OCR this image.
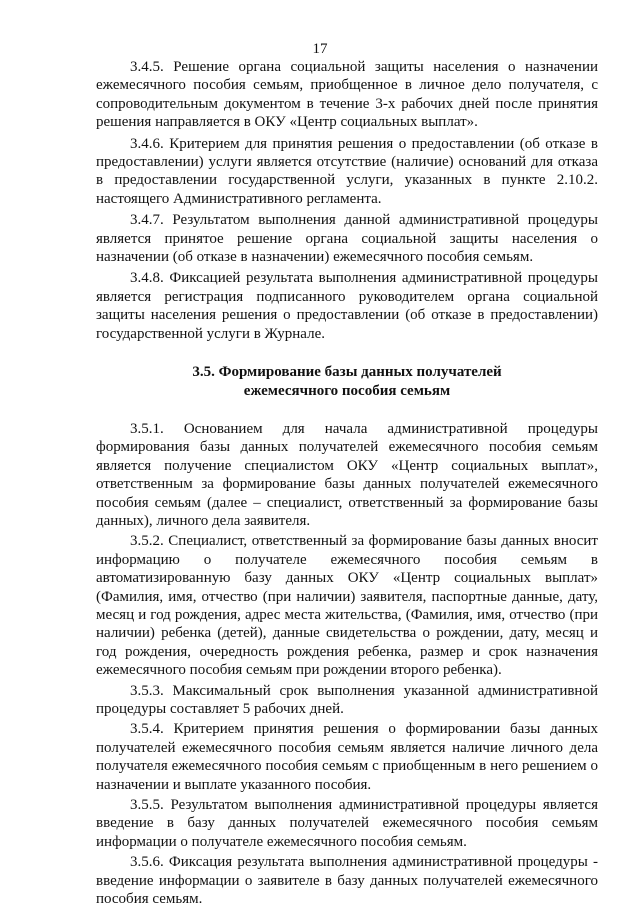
17

3.4.5. Решение органа социальной защиты населения о назначении ежемесячного пособия семьям, приобщенное в личное дело получателя, с сопроводительным документом в течение 3-х рабочих дней после принятия решения направляется в ОКУ «Центр социальных выплат».

3.4.6. Критерием для принятия решения о предоставлении (об отказе в предоставлении) услуги является отсутствие (наличие) оснований для отказа в предоставлении государственной услуги, указанных в пункте 2.10.2. настоящего Административного регламента.

3.4.7. Результатом выполнения данной административной процедуры является принятое решение органа социальной защиты населения о назначении (об отказе в назначении) ежемесячного пособия семьям.

3.4.8. Фиксацией результата выполнения административной процедуры является регистрация подписанного руководителем органа социальной защиты населения решения о предоставлении (об отказе в предоставлении) государственной услуги в Журнале.

3.5. Формирование базы данных получателей
ежемесячного пособия семьям

3.5.1. Основанием для начала административной процедуры формирования базы данных получателей ежемесячного пособия семьям является получение специалистом ОКУ «Центр социальных выплат», ответственным за формирование базы данных получателей ежемесячного пособия семьям (далее – специалист, ответственный за формирование базы данных), личного дела заявителя.

3.5.2. Специалист, ответственный за формирование базы данных вносит информацию о получателе ежемесячного пособия семьям в автоматизированную базу данных ОКУ «Центр социальных выплат» (Фамилия, имя, отчество (при наличии) заявителя, паспортные данные, дату, месяц и год рождения, адрес места жительства, (Фамилия, имя, отчество (при наличии) ребенка (детей), данные свидетельства о рождении, дату, месяц и год рождения, очередность рождения ребенка, размер и срок назначения ежемесячного пособия семьям при рождении второго ребенка).

3.5.3. Максимальный срок выполнения указанной административной процедуры составляет 5 рабочих дней.

3.5.4. Критерием принятия решения о формировании базы данных получателей ежемесячного пособия семьям является наличие личного дела получателя ежемесячного пособия семьям с приобщенным в него решением о назначении и выплате указанного пособия.

3.5.5. Результатом выполнения административной процедуры является введение в базу данных получателей ежемесячного пособия семьям информации о получателе ежемесячного пособия семьям.

3.5.6. Фиксация результата выполнения административной процедуры - введение информации о заявителе в базу данных получателей ежемесячного пособия семьям.
